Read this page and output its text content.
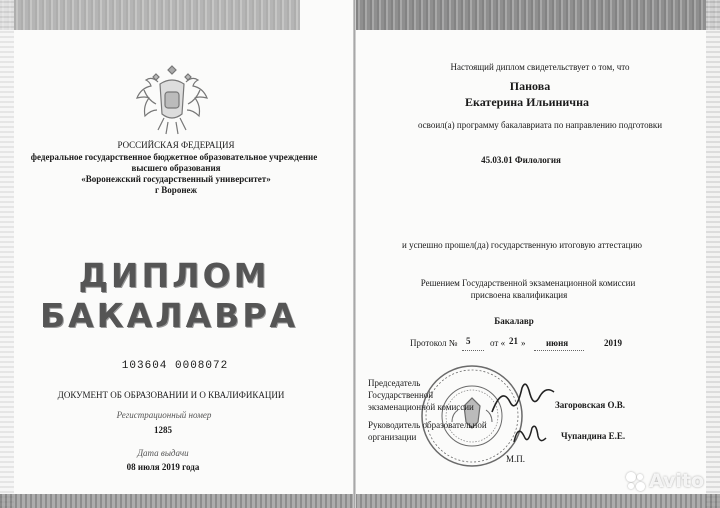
РОССИЙСКАЯ ФЕДЕРАЦИЯ
федеральное государственное бюджетное образовательное учреждение
высшего образования
«Воронежский государственный университет»
г Воронеж
ДИПЛОМ
БАКАЛАВРА
103604 0008072
ДОКУМЕНТ ОБ ОБРАЗОВАНИИ И О КВАЛИФИКАЦИИ
Регистрационный номер
1285
Дата выдачи
08 июля 2019 года
Настоящий диплом свидетельствует о том, что
Панова
Екатерина Ильинична
освоил(а) программу бакалавриата по направлению подготовки
45.03.01 Филология
и успешно прошел(да) государственную итоговую аттестацию
Решением Государственной экзаменационной комиссии
присвоена квалификация
Бакалавр
Протокол № 5 от « 21 » июня	2019
Председатель
Государственной
экзаменационной комиссии	Загоровская О.В.
Руководитель образовательной
организации	Чупандина Е.Е.
М.П.
Avito
